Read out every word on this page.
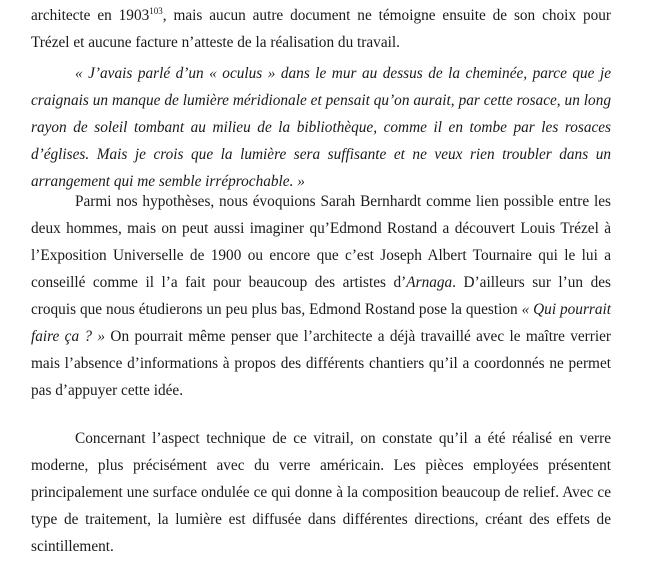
architecte en 1903$^{103}$, mais aucun autre document ne témoigne ensuite de son choix pour Trézel et aucune facture n’atteste de la réalisation du travail.

« J’avais parlé d’un « oculus » dans le mur au dessus de la cheminée, parce que je craignais un manque de lumière méridionale et pensait qu’on aurait, par cette rosace, un long rayon de soleil tombant au milieu de la bibliothèque, comme il en tombe par les rosaces d’églises. Mais je crois que la lumière sera suffisante et ne veux rien troubler dans un arrangement qui me semble irréprochable. »

Parmi nos hypothèses, nous évoquions Sarah Bernhardt comme lien possible entre les deux hommes, mais on peut aussi imaginer qu’Edmond Rostand a découvert Louis Trézel à l’Exposition Universelle de 1900 ou encore que c’est Joseph Albert Tournaire qui le lui a conseillé comme il l’a fait pour beaucoup des artistes d’Arnaga. D’ailleurs sur l’un des croquis que nous étudierons un peu plus bas, Edmond Rostand pose la question « Qui pourrait faire ça ? » On pourrait même penser que l’architecte a déjà travaillé avec le maître verrier mais l’absence d’informations à propos des différents chantiers qu’il a coordonnés ne permet pas d’appuyer cette idée.

Concernant l’aspect technique de ce vitrail, on constate qu’il a été réalisé en verre moderne, plus précisément avec du verre américain. Les pièces employées présentent principalement une surface ondulée ce qui donne à la composition beaucoup de relief. Avec ce type de traitement, la lumière est diffusée dans différentes directions, créant des effets de scintillement.
